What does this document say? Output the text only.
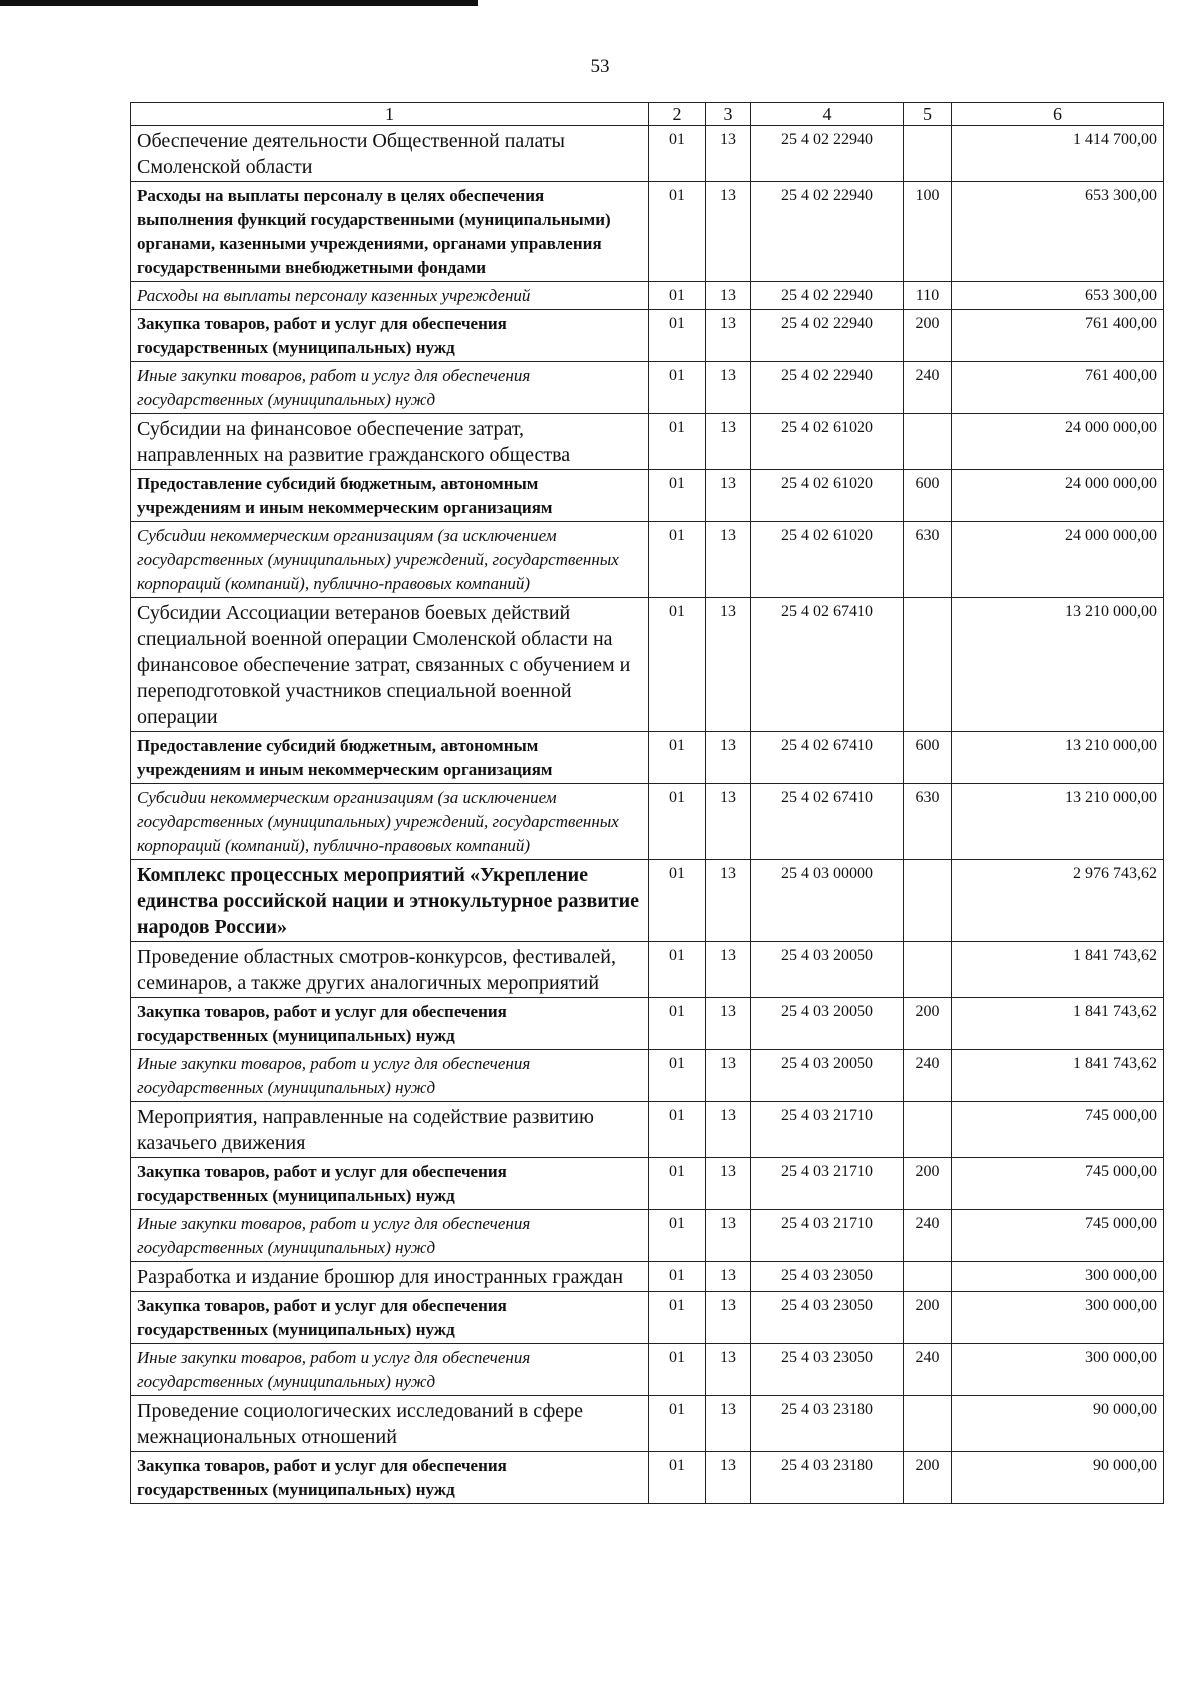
53
1	2	3	4	5	6
Обеспечение деятельности Общественной палаты Смоленской области	01	13	25 4 02 22940		1 414 700,00
Расходы на выплаты персоналу в целях обеспечения выполнения функций государственными (муниципальными) органами, казенными учреждениями, органами управления государственными внебюджетными фондами	01	13	25 4 02 22940	100	653 300,00
Расходы на выплаты персоналу казенных учреждений	01	13	25 4 02 22940	110	653 300,00
Закупка товаров, работ и услуг для обеспечения государственных (муниципальных) нужд	01	13	25 4 02 22940	200	761 400,00
Иные закупки товаров, работ и услуг для обеспечения государственных (муниципальных) нужд	01	13	25 4 02 22940	240	761 400,00
Субсидии на финансовое обеспечение затрат, направленных на развитие гражданского общества	01	13	25 4 02 61020		24 000 000,00
Предоставление субсидий бюджетным, автономным учреждениям и иным некоммерческим организациям	01	13	25 4 02 61020	600	24 000 000,00
Субсидии некоммерческим организациям (за исключением государственных (муниципальных) учреждений, государственных корпораций (компаний), публично-правовых компаний)	01	13	25 4 02 61020	630	24 000 000,00
Субсидии Ассоциации ветеранов боевых действий специальной военной операции Смоленской области на финансовое обеспечение затрат, связанных с обучением и переподготовкой участников специальной военной операции	01	13	25 4 02 67410		13 210 000,00
Предоставление субсидий бюджетным, автономным учреждениям и иным некоммерческим организациям	01	13	25 4 02 67410	600	13 210 000,00
Субсидии некоммерческим организациям (за исключением государственных (муниципальных) учреждений, государственных корпораций (компаний), публично-правовых компаний)	01	13	25 4 02 67410	630	13 210 000,00
Комплекс процессных мероприятий «Укрепление единства российской нации и этнокультурное развитие народов России»	01	13	25 4 03 00000		2 976 743,62
Проведение областных смотров-конкурсов, фестивалей, семинаров, а также других аналогичных мероприятий	01	13	25 4 03 20050		1 841 743,62
Закупка товаров, работ и услуг для обеспечения государственных (муниципальных) нужд	01	13	25 4 03 20050	200	1 841 743,62
Иные закупки товаров, работ и услуг для обеспечения государственных (муниципальных) нужд	01	13	25 4 03 20050	240	1 841 743,62
Мероприятия, направленные на содействие развитию казачьего движения	01	13	25 4 03 21710		745 000,00
Закупка товаров, работ и услуг для обеспечения государственных (муниципальных) нужд	01	13	25 4 03 21710	200	745 000,00
Иные закупки товаров, работ и услуг для обеспечения государственных (муниципальных) нужд	01	13	25 4 03 21710	240	745 000,00
Разработка и издание брошюр для иностранных граждан	01	13	25 4 03 23050		300 000,00
Закупка товаров, работ и услуг для обеспечения государственных (муниципальных) нужд	01	13	25 4 03 23050	200	300 000,00
Иные закупки товаров, работ и услуг для обеспечения государственных (муниципальных) нужд	01	13	25 4 03 23050	240	300 000,00
Проведение социологических исследований в сфере межнациональных отношений	01	13	25 4 03 23180		90 000,00
Закупка товаров, работ и услуг для обеспечения государственных (муниципальных) нужд	01	13	25 4 03 23180	200	90 000,00
